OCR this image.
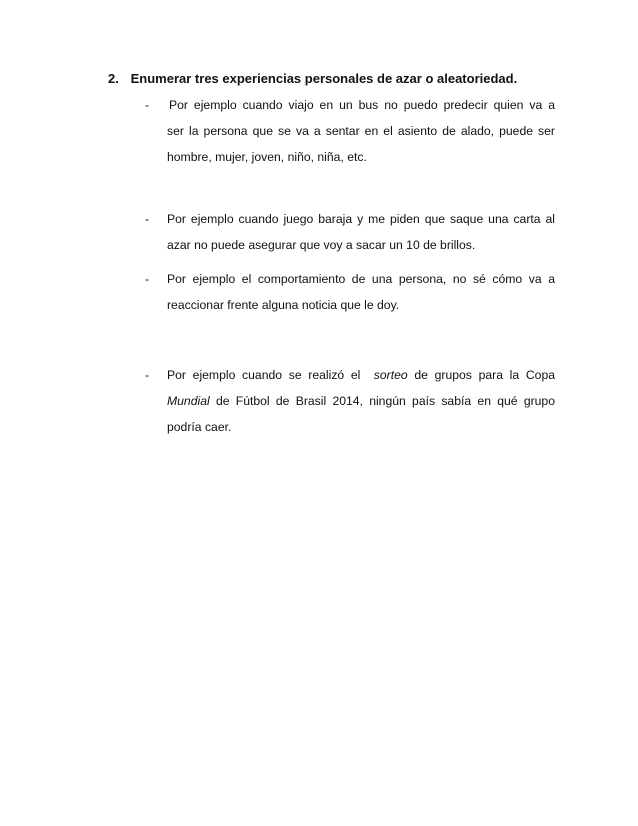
2. Enumerar tres experiencias personales de azar o aleatoriedad.
-	Por ejemplo cuando viajo en un bus no puedo predecir quien va a
ser la persona que se va a sentar en el asiento de alado, puede ser
hombre, mujer, joven, niño, niña, etc.
-	Por ejemplo cuando juego baraja y me piden que saque una carta al
azar no puede asegurar que voy a sacar un 10 de brillos.
-	Por ejemplo el comportamiento de una persona, no sé cómo va a
reaccionar frente alguna noticia que le doy.
-	Por ejemplo cuando se realizó el sorteo de grupos para la Copa
Mundial de Fútbol de Brasil 2014, ningún país sabía en qué grupo
podría caer.
